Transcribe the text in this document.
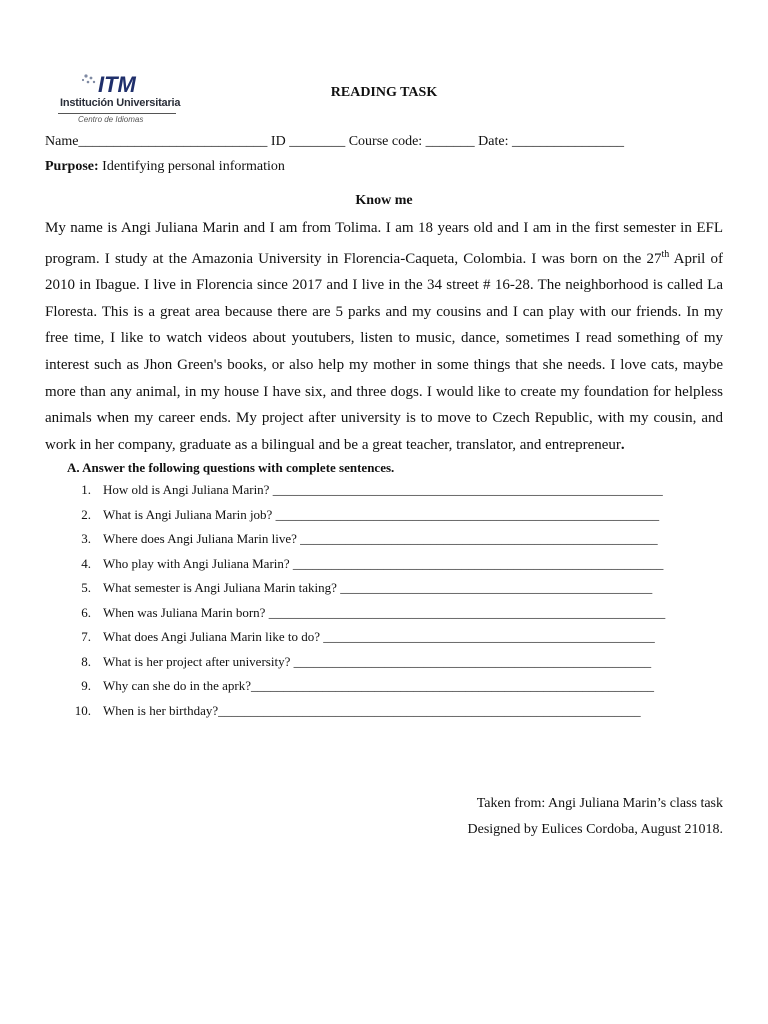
ITM
Institución Universitaria
Centro de Idiomas
READING TASK
Name___________________________ ID ________ Course code: _______ Date: ________________
Purpose: Identifying personal information
Know me
My name is Angi Juliana Marin and I am from Tolima. I am 18 years old and I am in the first semester in EFL program. I study at the Amazonia University in Florencia-Caqueta, Colombia. I was born on the 27th April of 2010 in Ibague. I live in Florencia since 2017 and I live in the 34 street # 16-28. The neighborhood is called La Floresta. This is a great area because there are 5 parks and my cousins and I can play with our friends. In my free time, I like to watch videos about youtubers, listen to music, dance, sometimes I read something of my interest such as Jhon Green's books, or also help my mother in some things that she needs. I love cats, maybe more than any animal, in my house I have six, and three dogs. I would like to create my foundation for helpless animals when my career ends. My project after university is to move to Czech Republic, with my cousin, and work in her company, graduate as a bilingual and be a great teacher, translator, and entrepreneur.
A. Answer the following questions with complete sentences.
1. How old is Angi Juliana Marin? ____________________________________________________________
2. What is Angi Juliana Marin job? ___________________________________________________________
3. Where does Angi Juliana Marin live? _______________________________________________________
4. Who play with Angi Juliana Marin? _________________________________________________________
5. What semester is Angi Juliana Marin taking? ________________________________________________
6. When was Juliana Marin born? _____________________________________________________________
7. What does Angi Juliana Marin like to do? ___________________________________________________
8. What is her project after university? _______________________________________________________
9. Why can she do in the aprk?______________________________________________________________
10. When is her birthday?_________________________________________________________________
Taken from: Angi Juliana Marin’s class task
Designed by Eulices Cordoba, August 21018.
